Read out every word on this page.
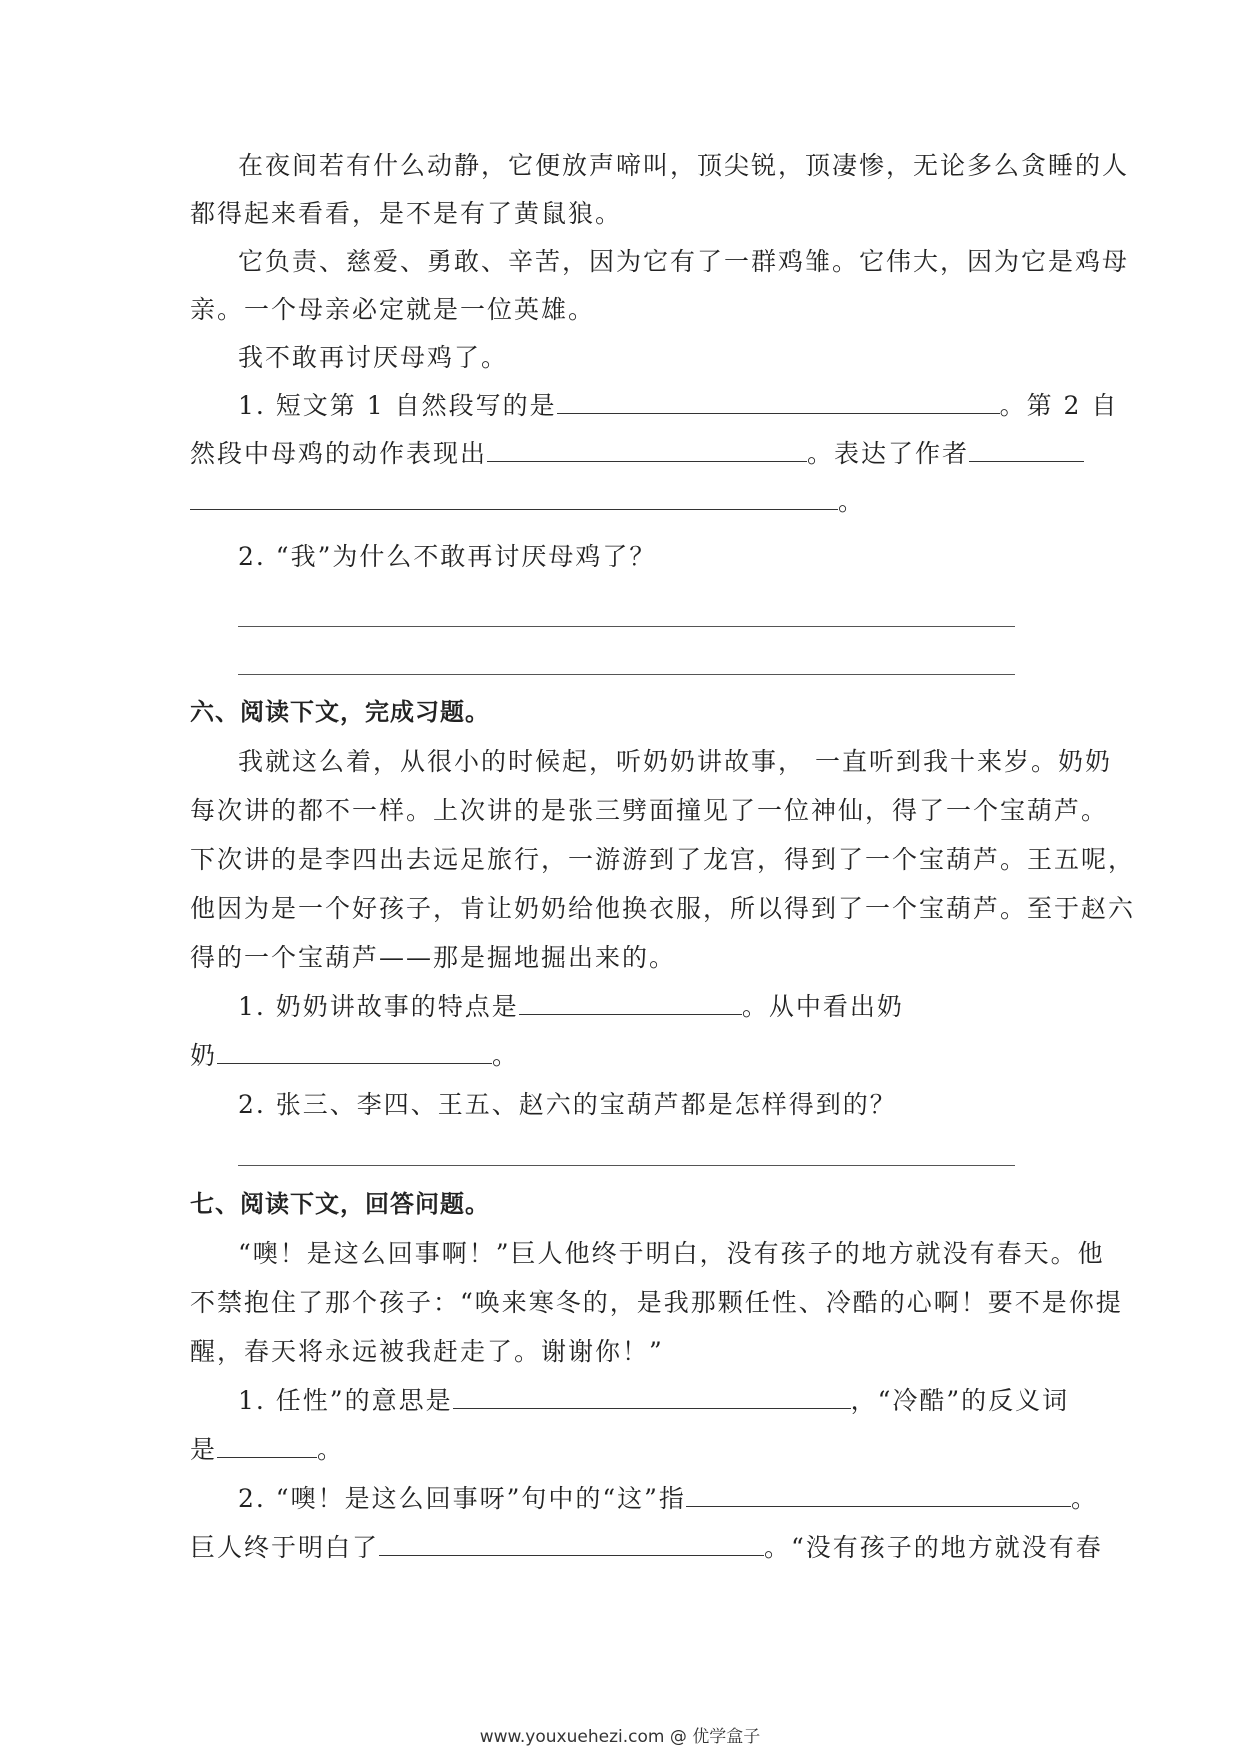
在夜间若有什么动静，它便放声啼叫，顶尖锐，顶凄惨，无论多么贪睡的人
都得起来看看，是不是有了黄鼠狼。
它负责、慈爱、勇敢、辛苦，因为它有了一群鸡雏。它伟大，因为它是鸡母
亲。一个母亲必定就是一位英雄。
我不敢再讨厌母鸡了。
1. 短文第 1 自然段写的是	。第 2 自
然段中母鸡的动作表现出	。表达了作者
。
2. “我”为什么不敢再讨厌母鸡了？
六、阅读下文，完成习题。
我就这么着，从很小的时候起，听奶奶讲故事， 一直听到我十来岁。奶奶
每次讲的都不一样。上次讲的是张三劈面撞见了一位神仙，得了一个宝葫芦。
下次讲的是李四出去远足旅行，一游游到了龙宫，得到了一个宝葫芦。王五呢，
他因为是一个好孩子，肯让奶奶给他换衣服，所以得到了一个宝葫芦。至于赵六
得的一个宝葫芦——那是掘地掘出来的。
1. 奶奶讲故事的特点是	。从中看出奶
奶	。
2. 张三、李四、王五、赵六的宝葫芦都是怎样得到的？
七、阅读下文，回答问题。
“噢！是这么回事啊！”巨人他终于明白，没有孩子的地方就没有春天。他
不禁抱住了那个孩子：“唤来寒冬的，是我那颗任性、冷酷的心啊！要不是你提
醒，春天将永远被我赶走了。谢谢你！”
1. 任性”的意思是	，“冷酷”的反义词
是	。
2. “噢！是这么回事呀”句中的“这”指	。
巨人终于明白了	。“没有孩子的地方就没有春
www.youxuehezi.com @ 优学盒子
